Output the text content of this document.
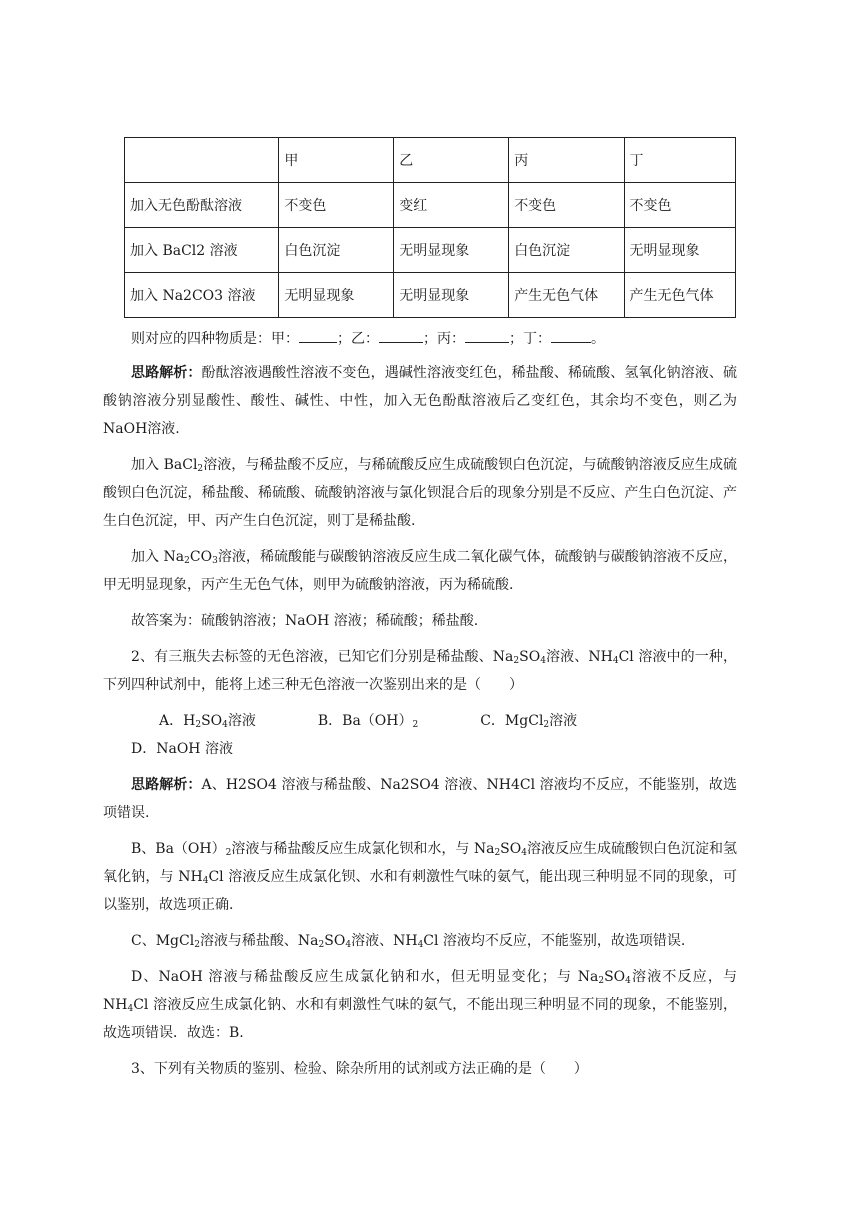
	甲	乙	丙	丁
加入无色酚酞溶液	不变色	变红	不变色	不变色
加入 BaCl2 溶液	白色沉淀	无明显现象	白色沉淀	无明显现象
加入 Na2CO3 溶液	无明显现象	无明显现象	产生无色气体	产生无色气体

则对应的四种物质是：甲：	；乙：	；丙：	；丁：	。

思路解析：酚酞溶液遇酸性溶液不变色，遇碱性溶液变红色，稀盐酸、稀硫酸、氢氧化钠溶液、硫酸钠溶液分别显酸性、酸性、碱性、中性，加入无色酚酞溶液后乙变红色，其余均不变色，则乙为NaOH溶液.

加入 BaCl$_2$溶液，与稀盐酸不反应，与稀硫酸反应生成硫酸钡白色沉淀，与硫酸钠溶液反应生成硫酸钡白色沉淀，稀盐酸、稀硫酸、硫酸钠溶液与氯化钡混合后的现象分别是不反应、产生白色沉淀、产生白色沉淀，甲、丙产生白色沉淀，则丁是稀盐酸.

加入 $Na_2CO_3$溶液，稀硫酸能与碳酸钠溶液反应生成二氧化碳气体，硫酸钠与碳酸钠溶液不反应，甲无明显现象，丙产生无色气体，则甲为硫酸钠溶液，丙为稀硫酸.

故答案为：硫酸钠溶液；NaOH 溶液；稀硫酸；稀盐酸.

2、有三瓶失去标签的无色溶液，已知它们分别是稀盐酸、$Na_2SO_4$溶液、$NH_4Cl$ 溶液中的一种，下列四种试剂中，能将上述三种无色溶液一次鉴别出来的是（　　）

A．$H_2SO_4$溶液	B．$Ba(OH)_2$	C．MgCl$_2$溶液D．NaOH 溶液

思路解析：A、H2SO4 溶液与稀盐酸、Na2SO4 溶液、NH4Cl 溶液均不反应，不能鉴别，故选项错误.

B、$Ba(OH)_2$溶液与稀盐酸反应生成氯化钡和水，与 $Na_2SO_4$溶液反应生成硫酸钡白色沉淀和氢氧化钠，与 $NH_4Cl$ 溶液反应生成氯化钡、水和有刺激性气味的氨气，能出现三种明显不同的现象，可以鉴别，故选项正确.

C、MgCl$_2$溶液与稀盐酸、$Na_2SO_4$溶液、$NH_4Cl$ 溶液均不反应，不能鉴别，故选项错误.

D、NaOH 溶液与稀盐酸反应生成氯化钠和水，但无明显变化；与 $Na_2SO_4$溶液不反应，与 $NH_4Cl$ 溶液反应生成氯化钠、水和有刺激性气味的氨气，不能出现三种明显不同的现象，不能鉴别，故选项错误．故选：B.

3、下列有关物质的鉴别、检验、除杂所用的试剂或方法正确的是（　　）
